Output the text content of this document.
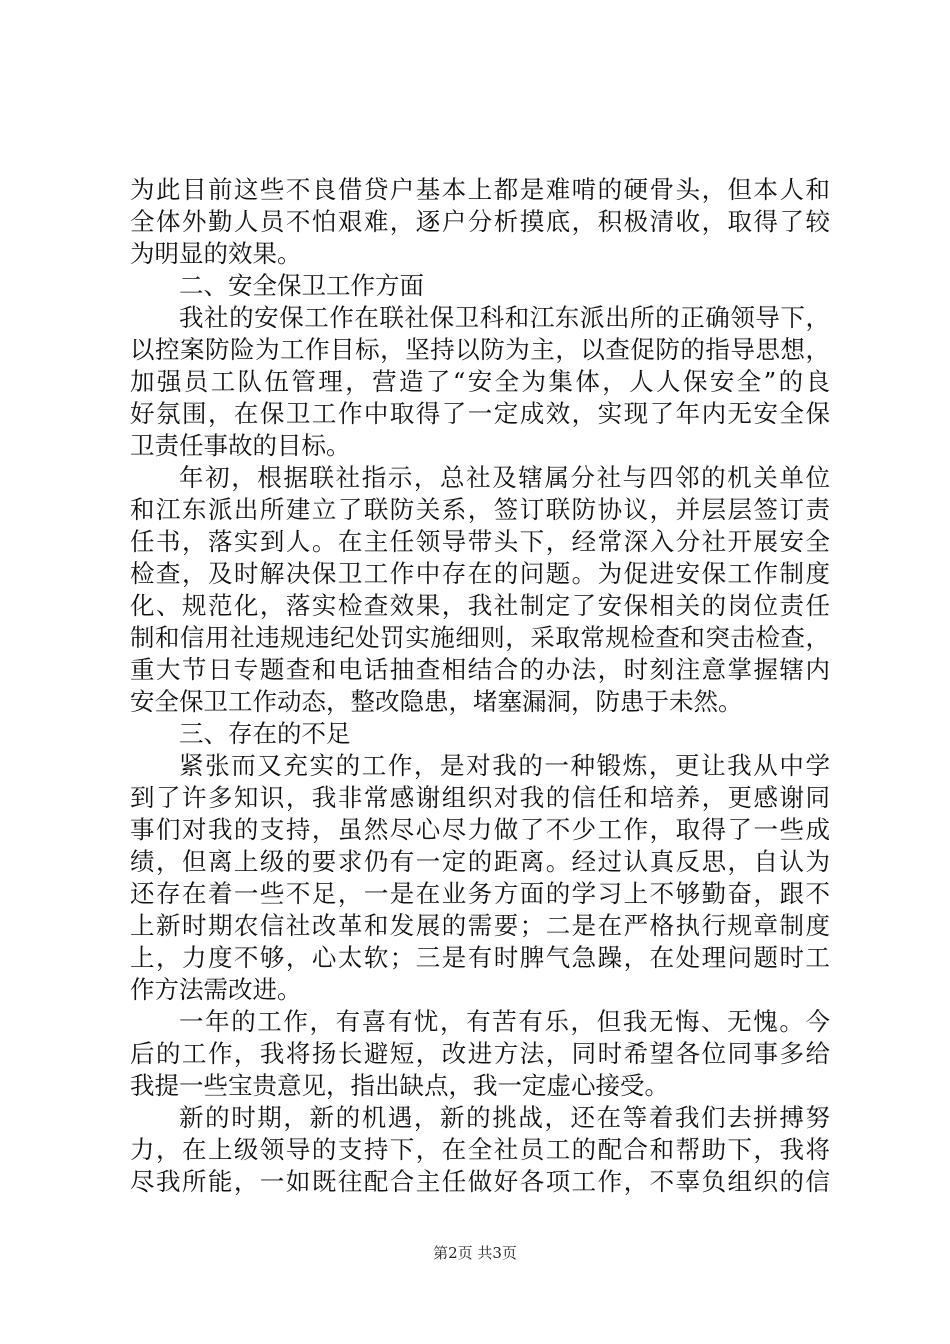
为此目前这些不良借贷户基本上都是难啃的硬骨头，但本人和
全体外勤人员不怕艰难，逐户分析摸底，积极清收，取得了较
为明显的效果。
二、安全保卫工作方面
我社的安保工作在联社保卫科和江东派出所的正确领导下，
以控案防险为工作目标，坚持以防为主，以查促防的指导思想，
加强员工队伍管理，营造了“安全为集体，人人保安全”的良
好氛围，在保卫工作中取得了一定成效，实现了年内无安全保
卫责任事故的目标。
年初，根据联社指示，总社及辖属分社与四邻的机关单位
和江东派出所建立了联防关系，签订联防协议，并层层签订责
任书，落实到人。在主任领导带头下，经常深入分社开展安全
检查，及时解决保卫工作中存在的问题。为促进安保工作制度
化、规范化，落实检查效果，我社制定了安保相关的岗位责任
制和信用社违规违纪处罚实施细则，采取常规检查和突击检查，
重大节日专题查和电话抽查相结合的办法，时刻注意掌握辖内
安全保卫工作动态，整改隐患，堵塞漏洞，防患于未然。
三、存在的不足
紧张而又充实的工作，是对我的一种锻炼，更让我从中学
到了许多知识，我非常感谢组织对我的信任和培养，更感谢同
事们对我的支持，虽然尽心尽力做了不少工作，取得了一些成
绩，但离上级的要求仍有一定的距离。经过认真反思，自认为
还存在着一些不足，一是在业务方面的学习上不够勤奋，跟不
上新时期农信社改革和发展的需要；二是在严格执行规章制度
上，力度不够，心太软；三是有时脾气急躁，在处理问题时工
作方法需改进。
一年的工作，有喜有忧，有苦有乐，但我无悔、无愧。今
后的工作，我将扬长避短，改进方法，同时希望各位同事多给
我提一些宝贵意见，指出缺点，我一定虚心接受。
新的时期，新的机遇，新的挑战，还在等着我们去拼搏努
力，在上级领导的支持下，在全社员工的配合和帮助下，我将
尽我所能，一如既往配合主任做好各项工作，不辜负组织的信
第2页 共3页
